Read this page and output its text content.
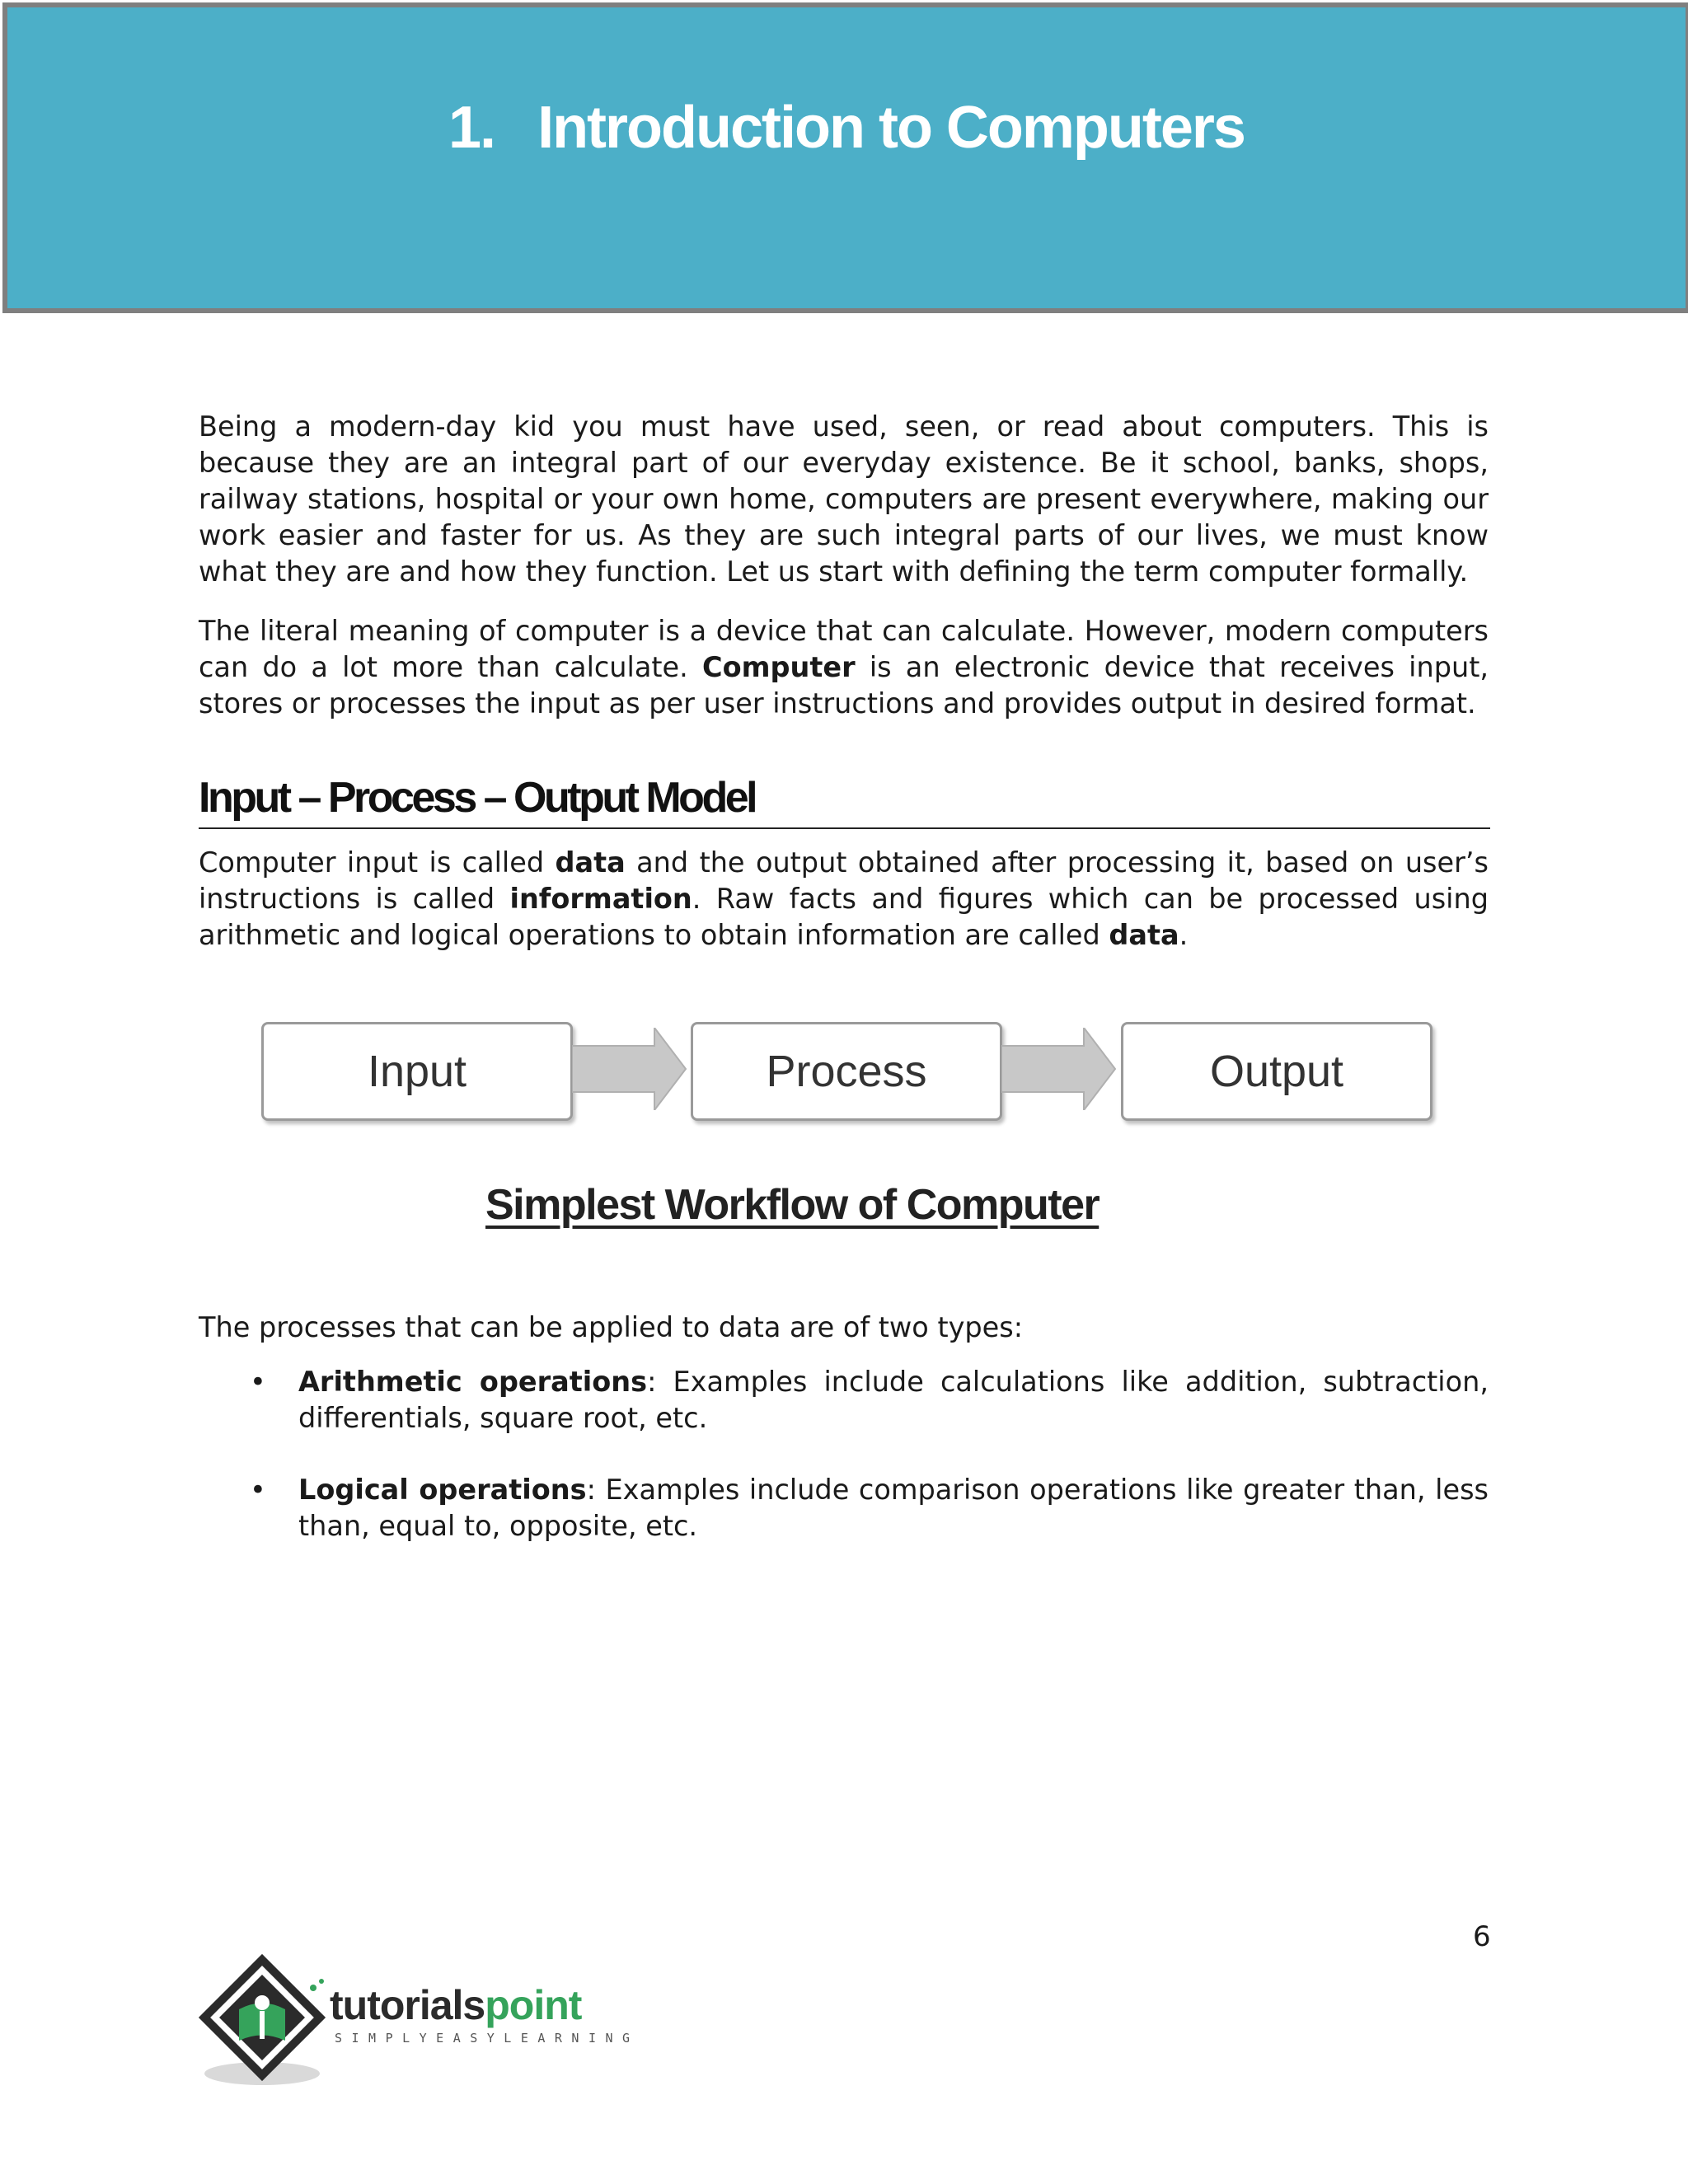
1. Introduction to Computers

Being a modern-day kid you must have used, seen, or read about computers. This is because they are an integral part of our everyday existence. Be it school, banks, shops, railway stations, hospital or your own home, computers are present everywhere, making our work easier and faster for us. As they are such integral parts of our lives, we must know what they are and how they function. Let us start with defining the term computer formally.

The literal meaning of computer is a device that can calculate. However, modern computers can do a lot more than calculate. Computer is an electronic device that receives input, stores or processes the input as per user instructions and provides output in desired format.

Input – Process – Output Model

Computer input is called data and the output obtained after processing it, based on user’s instructions is called information. Raw facts and figures which can be processed using arithmetic and logical operations to obtain information are called data.

Input	Process	Output

Simplest Workflow of Computer

The processes that can be applied to data are of two types:

• Arithmetic operations: Examples include calculations like addition, subtraction, differentials, square root, etc.
• Logical operations: Examples include comparison operations like greater than, less than, equal to, opposite, etc.

6

tutorialspoint
SIMPLYEASYLEARNING
